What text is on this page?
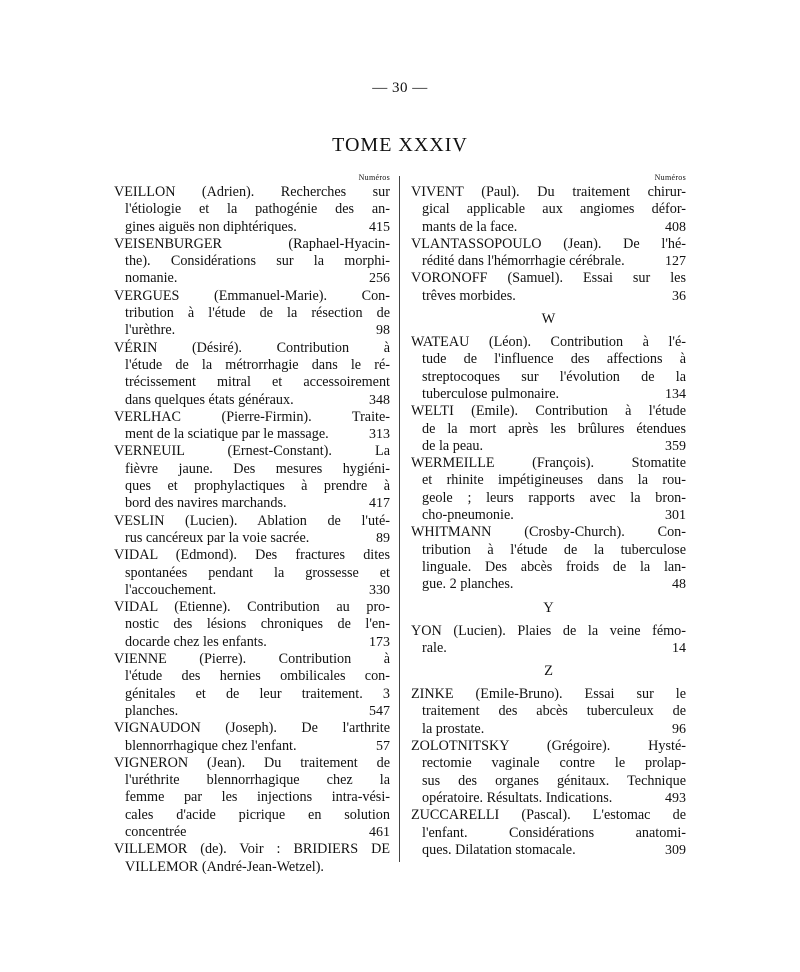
— 30 —
TOME XXXIV
Numéros
VEILLON (Adrien). Recherches sur
l'étiologie et la pathogénie des an-
gines aiguës non diphtériques.	415
VEISENBURGER (Raphael-Hyacin-
the). Considérations sur la morphi-
nomanie.	256
VERGUES (Emmanuel-Marie). Con-
tribution à l'étude de la résection de
l'urèthre.	98
VÉRIN (Désiré). Contribution à
l'étude de la métrorrhagie dans le ré-
trécissement mitral et accessoirement
dans quelques états généraux.	348
VERLHAC (Pierre-Firmin). Traite-
ment de la sciatique par le massage.	313
VERNEUIL (Ernest-Constant). La
fièvre jaune. Des mesures hygiéni-
ques et prophylactiques à prendre à
bord des navires marchands.	417
VESLIN (Lucien). Ablation de l'uté-
rus cancéreux par la voie sacrée.	89
VIDAL (Edmond). Des fractures dites
spontanées pendant la grossesse et
l'accouchement.	330
VIDAL (Etienne). Contribution au pro-
nostic des lésions chroniques de l'en-
docarde chez les enfants.	173
VIENNE (Pierre). Contribution à
l'étude des hernies ombilicales con-
génitales et de leur traitement. 3
planches.	547
VIGNAUDON (Joseph). De l'arthrite
blennorrhagique chez l'enfant.	57
VIGNERON (Jean). Du traitement de
l'uréthrite blennorrhagique chez la
femme par les injections intra-vési-
cales d'acide picrique en solution
concentrée	461
VILLEMOR (de). Voir : BRIDIERS DE
VILLEMOR (André-Jean-Wetzel).
Numéros
VIVENT (Paul). Du traitement chirur-
gical applicable aux angiomes défor-
mants de la face.	408
VLANTASSOPOULO (Jean). De l'hé-
rédité dans l'hémorrhagie cérébrale.	127
VORONOFF (Samuel). Essai sur les
trêves morbides.	36
W
WATEAU (Léon). Contribution à l'é-
tude de l'influence des affections à
streptocoques sur l'évolution de la
tuberculose pulmonaire.	134
WELTI (Emile). Contribution à l'étude
de la mort après les brûlures étendues
de la peau.	359
WERMEILLE (François). Stomatite
et rhinite impétigineuses dans la rou-
geole ; leurs rapports avec la bron-
cho-pneumonie.	301
WHITMANN (Crosby-Church). Con-
tribution à l'étude de la tuberculose
linguale. Des abcès froids de la lan-
gue. 2 planches.	48
Y
YON (Lucien). Plaies de la veine fémo-
rale.	14
Z
ZINKE (Emile-Bruno). Essai sur le
traitement des abcès tuberculeux de
la prostate.	96
ZOLOTNITSKY (Grégoire). Hysté-
rectomie vaginale contre le prolap-
sus des organes génitaux. Technique
opératoire. Résultats. Indications.	493
ZUCCARELLI (Pascal). L'estomac de
l'enfant. Considérations anatomi-
ques. Dilatation stomacale.	309
